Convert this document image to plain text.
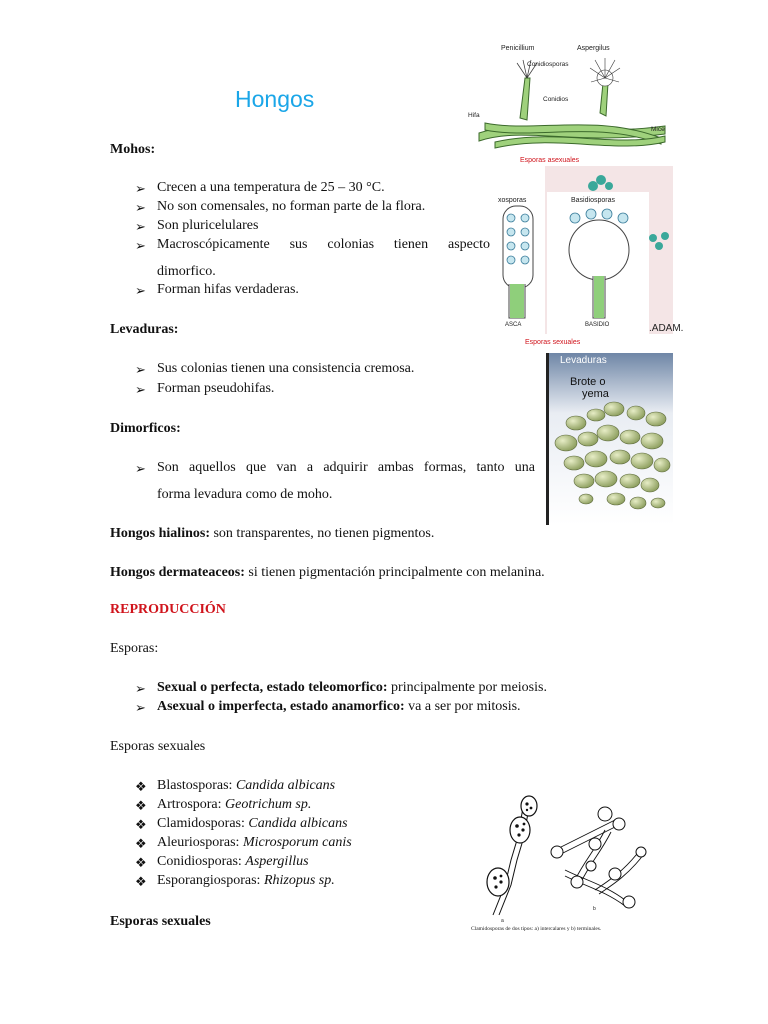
Hongos
Mohos:
➢ Crecen a una temperatura de 25 – 30 °C.
➢ No son comensales, no forman parte de la flora.
➢ Son pluricelulares
➢ Macroscópicamente sus colonias tienen aspecto
dimorfico.
➢ Forman hifas verdaderas.
Levaduras:
➢ Sus colonias tienen una consistencia cremosa.
➢ Forman pseudohifas.
Dimorficos:
➢ Son aquellos que van a adquirir ambas formas, tanto una
forma levadura como de moho.
Hongos hialinos: son transparentes, no tienen pigmentos.
Hongos dermateaceos: si tienen pigmentación principalmente con melanina.
REPRODUCCIÓN
Esporas:
➢ Sexual o perfecta, estado teleomorfico: principalmente por meiosis.
➢ Asexual o imperfecta, estado anamorfico: va a ser por mitosis.
Esporas sexuales
❖ Blastosporas: Candida albicans
❖ Artrospora: Geotrichum sp.
❖ Clamidosporas: Candida albicans
❖ Aleuriosporas: Microsporum canis
❖ Conidiosporas: Aspergillus
❖ Esporangiosporas: Rhizopus sp.
Esporas sexuales
Penicillium	Aspergilus
Conidiosporas
Conidios
Hifa
Mice
Esporas asexuales
xosporas	Basidiosporas
ASCA	BASIDIO
Esporas sexuales
.ADAM.
Levaduras
Brote o yema
a
b
Clamidosporas de dos tipos: a) intercalares y b) terminales.
